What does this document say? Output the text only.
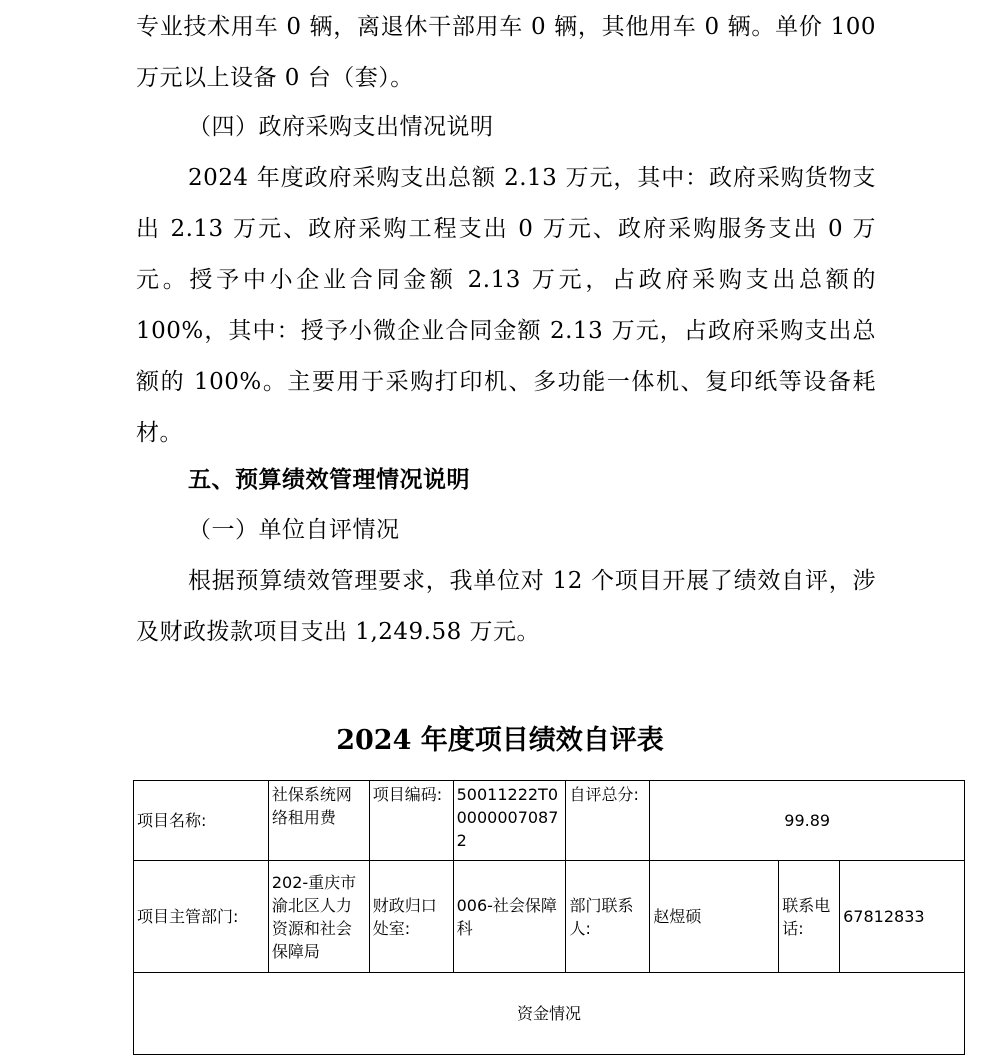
专业技术用车 0 辆，离退休干部用车 0 辆，其他用车 0 辆。单价 100 万元以上设备 0 台（套）。

（四）政府采购支出情况说明

2024 年度政府采购支出总额 2.13 万元，其中：政府采购货物支出 2.13 万元、政府采购工程支出 0 万元、政府采购服务支出 0 万元。授予中小企业合同金额 2.13 万元，占政府采购支出总额的 100%，其中：授予小微企业合同金额 2.13 万元，占政府采购支出总额的 100%。主要用于采购打印机、多功能一体机、复印纸等设备耗材。

五、预算绩效管理情况说明

（一）单位自评情况

根据预算绩效管理要求，我单位对 12 个项目开展了绩效自评，涉及财政拨款项目支出 1,249.58 万元。

2024 年度项目绩效自评表
项目名称:	社保系统网络租用费	项目编码:	50011222T000000070872	自评总分:	99.89		
项目主管部门:	202-重庆市渝北区人力资源和社会保障局	财政归口处室:	006-社会保障科	部门联系人:	赵煜硕	联系电话:	67812833
资金情况							
